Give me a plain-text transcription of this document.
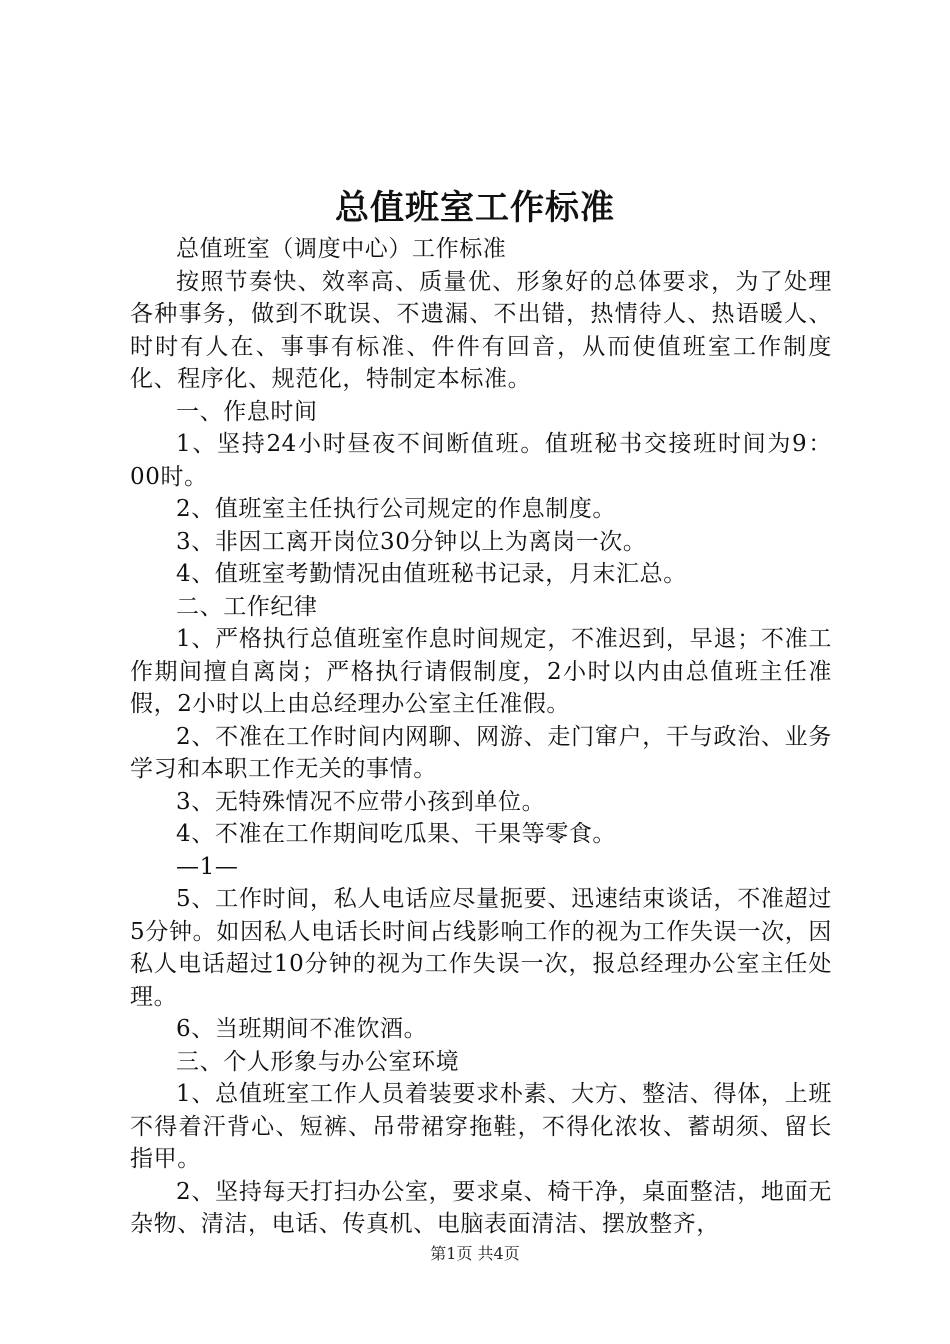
总值班室工作标准

总值班室（调度中心）工作标准

按照节奏快、效率高、质量优、形象好的总体要求，为了处理各种事务，做到不耽误、不遗漏、不出错，热情待人、热语暖人、时时有人在、事事有标准、件件有回音，从而使值班室工作制度化、程序化、规范化，特制定本标准。

一、作息时间

1、坚持24小时昼夜不间断值班。值班秘书交接班时间为9：00时。

2、值班室主任执行公司规定的作息制度。

3、非因工离开岗位30分钟以上为离岗一次。

4、值班室考勤情况由值班秘书记录，月末汇总。

二、工作纪律

1、严格执行总值班室作息时间规定，不准迟到，早退；不准工作期间擅自离岗；严格执行请假制度，2小时以内由总值班主任准假，2小时以上由总经理办公室主任准假。

2、不准在工作时间内网聊、网游、走门窜户，干与政治、业务学习和本职工作无关的事情。

3、无特殊情况不应带小孩到单位。

4、不准在工作期间吃瓜果、干果等零食。

—1—

5、工作时间，私人电话应尽量扼要、迅速结束谈话，不准超过5分钟。如因私人电话长时间占线影响工作的视为工作失误一次，因私人电话超过10分钟的视为工作失误一次，报总经理办公室主任处理。

6、当班期间不准饮酒。

三、个人形象与办公室环境

1、总值班室工作人员着装要求朴素、大方、整洁、得体，上班不得着汗背心、短裤、吊带裙穿拖鞋，不得化浓妆、蓄胡须、留长指甲。

2、坚持每天打扫办公室，要求桌、椅干净，桌面整洁，地面无杂物、清洁，电话、传真机、电脑表面清洁、摆放整齐，

第1页 共4页
